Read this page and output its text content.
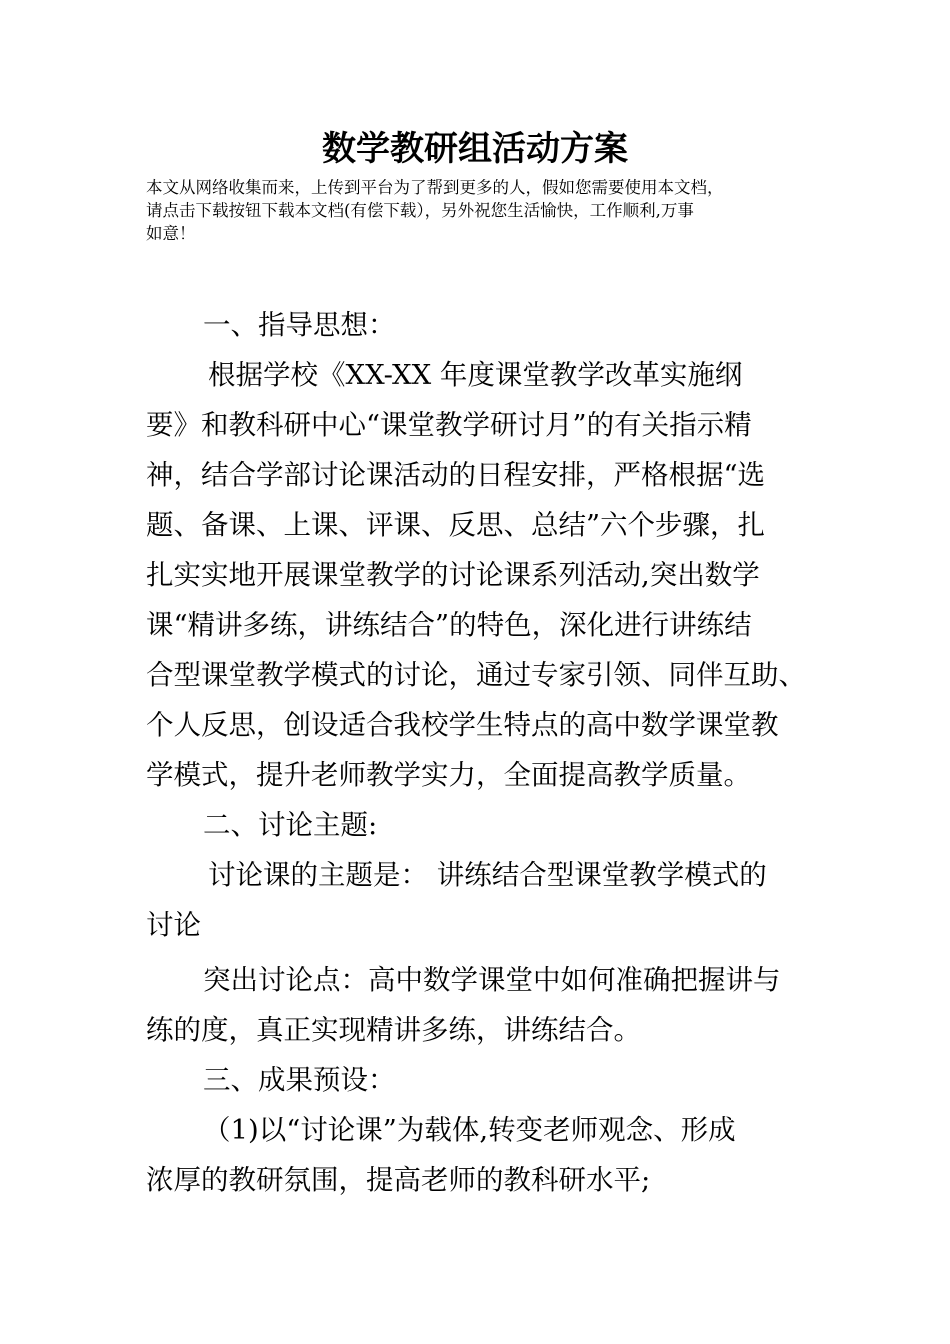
数学教研组活动方案

本文从网络收集而来，上传到平台为了帮到更多的人，假如您需要使用本文档，

请点击下载按钮下载本文档(有偿下载），另外祝您生活愉快，工作顺利,万事

如意！

一、指导思想：

根据学校《XX-XX 年度课堂教学改革实施纲

要》和教科研中心“课堂教学研讨月”的有关指示精

神，结合学部讨论课活动的日程安排，严格根据“选

题、备课、上课、评课、反思、总结”六个步骤，扎

扎实实地开展课堂教学的讨论课系列活动,突出数学

课“精讲多练，讲练结合”的特色，深化进行讲练结

合型课堂教学模式的讨论，通过专家引领、同伴互助、

个人反思，创设适合我校学生特点的高中数学课堂教

学模式，提升老师教学实力，全面提高教学质量。

二、讨论主题:

讨论课的主题是： 讲练结合型课堂教学模式的

讨论

突出讨论点：高中数学课堂中如何准确把握讲与

练的度，真正实现精讲多练，讲练结合。

三、成果预设：

（1)以“讨论课”为载体,转变老师观念、形成

浓厚的教研氛围，提高老师的教科研水平;
